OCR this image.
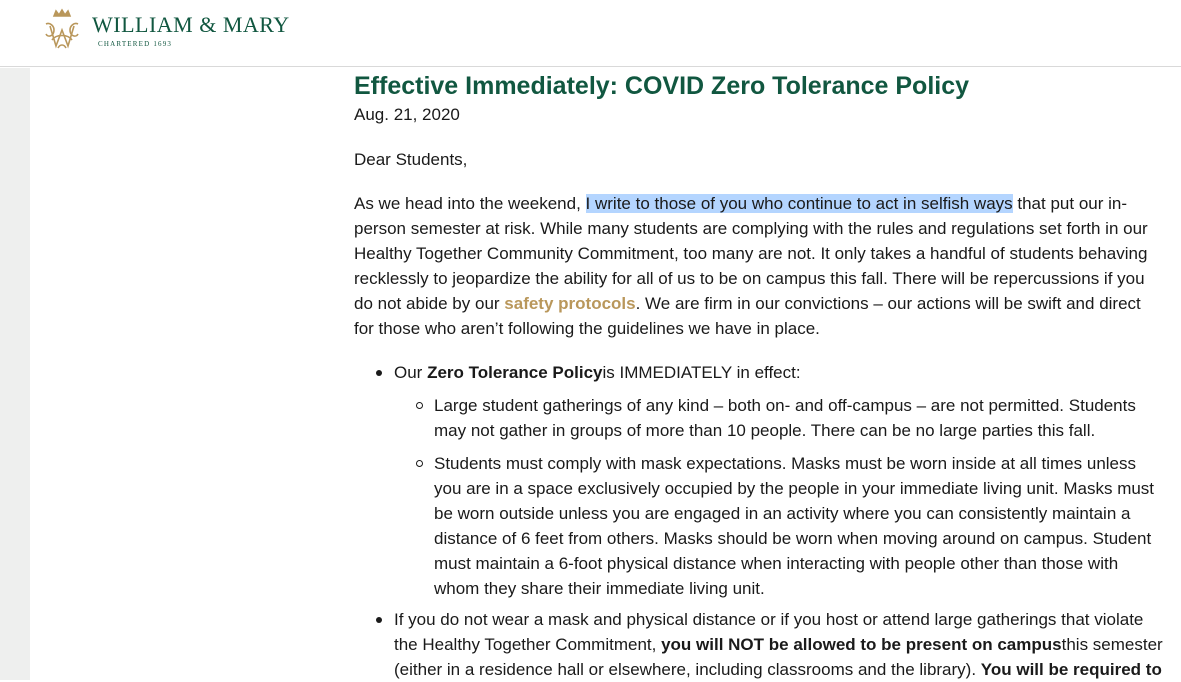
WILLIAM & MARY
CHARTERED 1693
Effective Immediately: COVID Zero Tolerance Policy
Aug. 21, 2020

Dear Students,

As we head into the weekend, I write to those of you who continue to act in selfish ways that put our in-person semester at risk. While many students are complying with the rules and regulations set forth in our Healthy Together Community Commitment, too many are not. It only takes a handful of students behaving recklessly to jeopardize the ability for all of us to be on campus this fall. There will be repercussions if you do not abide by our safety protocols. We are firm in our convictions – our actions will be swift and direct for those who aren’t following the guidelines we have in place.

Our Zero Tolerance Policyis IMMEDIATELY in effect:
Large student gatherings of any kind – both on- and off-campus – are not permitted. Students may not gather in groups of more than 10 people. There can be no large parties this fall.
Students must comply with mask expectations. Masks must be worn inside at all times unless you are in a space exclusively occupied by the people in your immediate living unit. Masks must be worn outside unless you are engaged in an activity where you can consistently maintain a distance of 6 feet from others. Masks should be worn when moving around on campus. Student must maintain a 6-foot physical distance when interacting with people other than those with whom they share their immediate living unit.
If you do not wear a mask and physical distance or if you host or attend large gatherings that violate the Healthy Together Commitment, you will NOT be allowed to be present on campusthis semester (either in a residence hall or elsewhere, including classrooms and the library). You will be required to
